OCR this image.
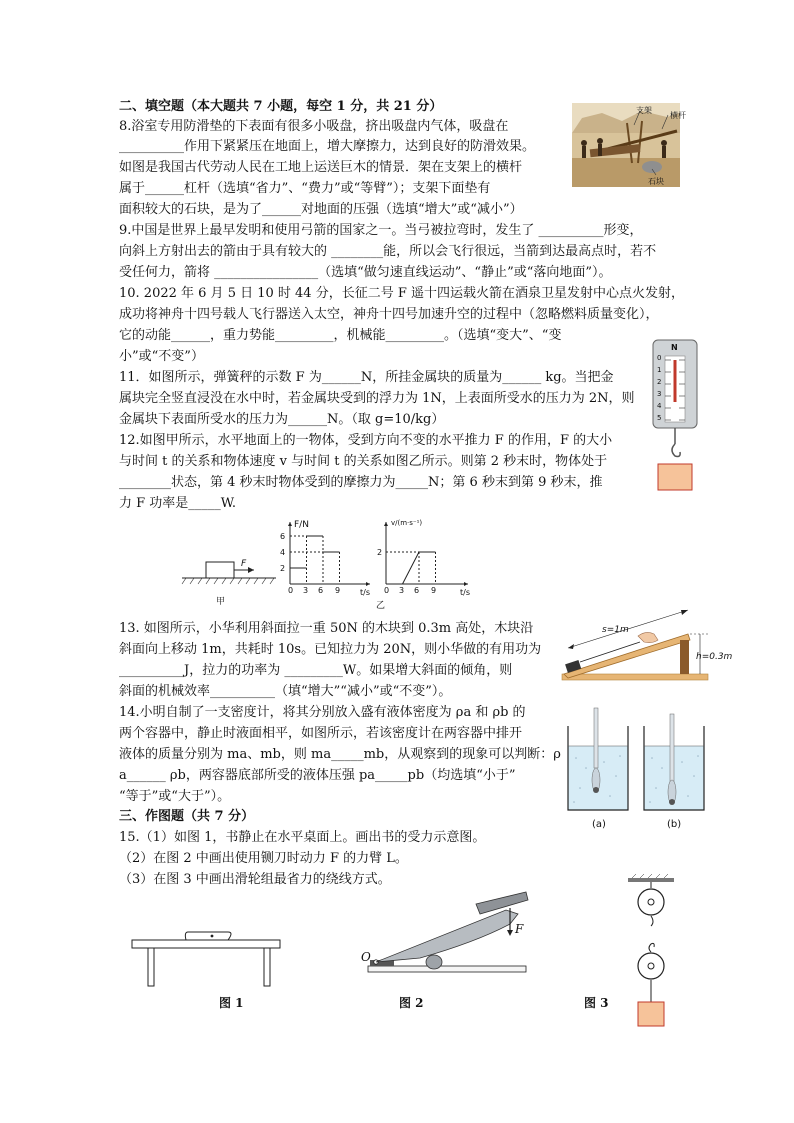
二、填空题（本大题共 7 小题，每空 1 分，共 21 分）
8.浴室专用防滑垫的下表面有很多小吸盘，挤出吸盘内气体，吸盘在
__________作用下紧紧压在地面上，增大摩擦力，达到良好的防滑效果。
如图是我国古代劳动人民在工地上运送巨木的情景．架在支架上的横杆
属于______杠杆（选填“省力”、“费力”或“等臂”）；支架下面垫有
面积较大的石块，是为了______对地面的压强（选填“增大”或“减小”）
支架
横杆
石块
9.中国是世界上最早发明和使用弓箭的国家之一。当弓被拉弯时，发生了 __________形变，
向斜上方射出去的箭由于具有较大的 ________能，所以会飞行很远，当箭到达最高点时，若不
受任何力，箭将 ________________（选填“做匀速直线运动”、“静止”或“落向地面”）。
10. 2022 年 6 月 5 日 10 时 44 分，长征二号 F 遥十四运载火箭在酒泉卫星发射中心点火发射，
成功将神舟十四号载人飞行器送入太空，神舟十四号加速升空的过程中（忽略燃料质量变化），
它的动能______，重力势能_________，机械能_________。（选填“变大”、“变
小”或“不变”）
N
0
1
2
3
4
5
11．如图所示，弹簧秤的示数 F 为______N，所挂金属块的质量为______ kg。当把金
属块完全竖直浸没在水中时，若金属块受到的浮力为 1N，上表面所受水的压力为 2N，则
金属块下表面所受水的压力为______N。（取 g=10/kg）
12.如图甲所示，水平地面上的一物体，受到方向不变的水平推力 F 的作用，F 的大小
与时间 t 的关系和物体速度 v 与时间 t 的关系如图乙所示。则第 2 秒末时，物体处于
________状态，第 4 秒末时物体受到的摩擦力为_____N；第 6 秒末到第 9 秒末，推
力 F 功率是_____W.
F
甲
F/N
6
4
2
0 3 6 9 t/s
v/(m·s⁻¹)
2
0 3 6 9	t/s
乙
13. 如图所示，小华利用斜面拉一重 50N 的木块到 0.3m 高处，木块沿
斜面向上移动 1m，共耗时 10s。已知拉力为 20N，则小华做的有用功为
__________J，拉力的功率为 _________W。如果增大斜面的倾角，则
斜面的机械效率__________（填“增大”“减小”或“不变”）。
s=1m
h=0.3m
14.小明自制了一支密度计，将其分别放入盛有液体密度为 ρa 和 ρb 的
两个容器中，静止时液面相平，如图所示，若该密度计在两容器中排开
液体的质量分别为 ma、mb，则 ma_____mb，从观察到的现象可以判断：ρ
a______ ρb，两容器底部所受的液体压强 pa_____pb（均选填“小于”
“等于”或“大于”）。
(a)	(b)
三、作图题（共 7 分）
15.（1）如图 1，书静止在水平桌面上。画出书的受力示意图。
（2）在图 2 中画出使用铡刀时动力 F 的力臂 L。
（3）在图 3 中画出滑轮组最省力的绕线方式。
图 1
O
F
图 2	图 3
